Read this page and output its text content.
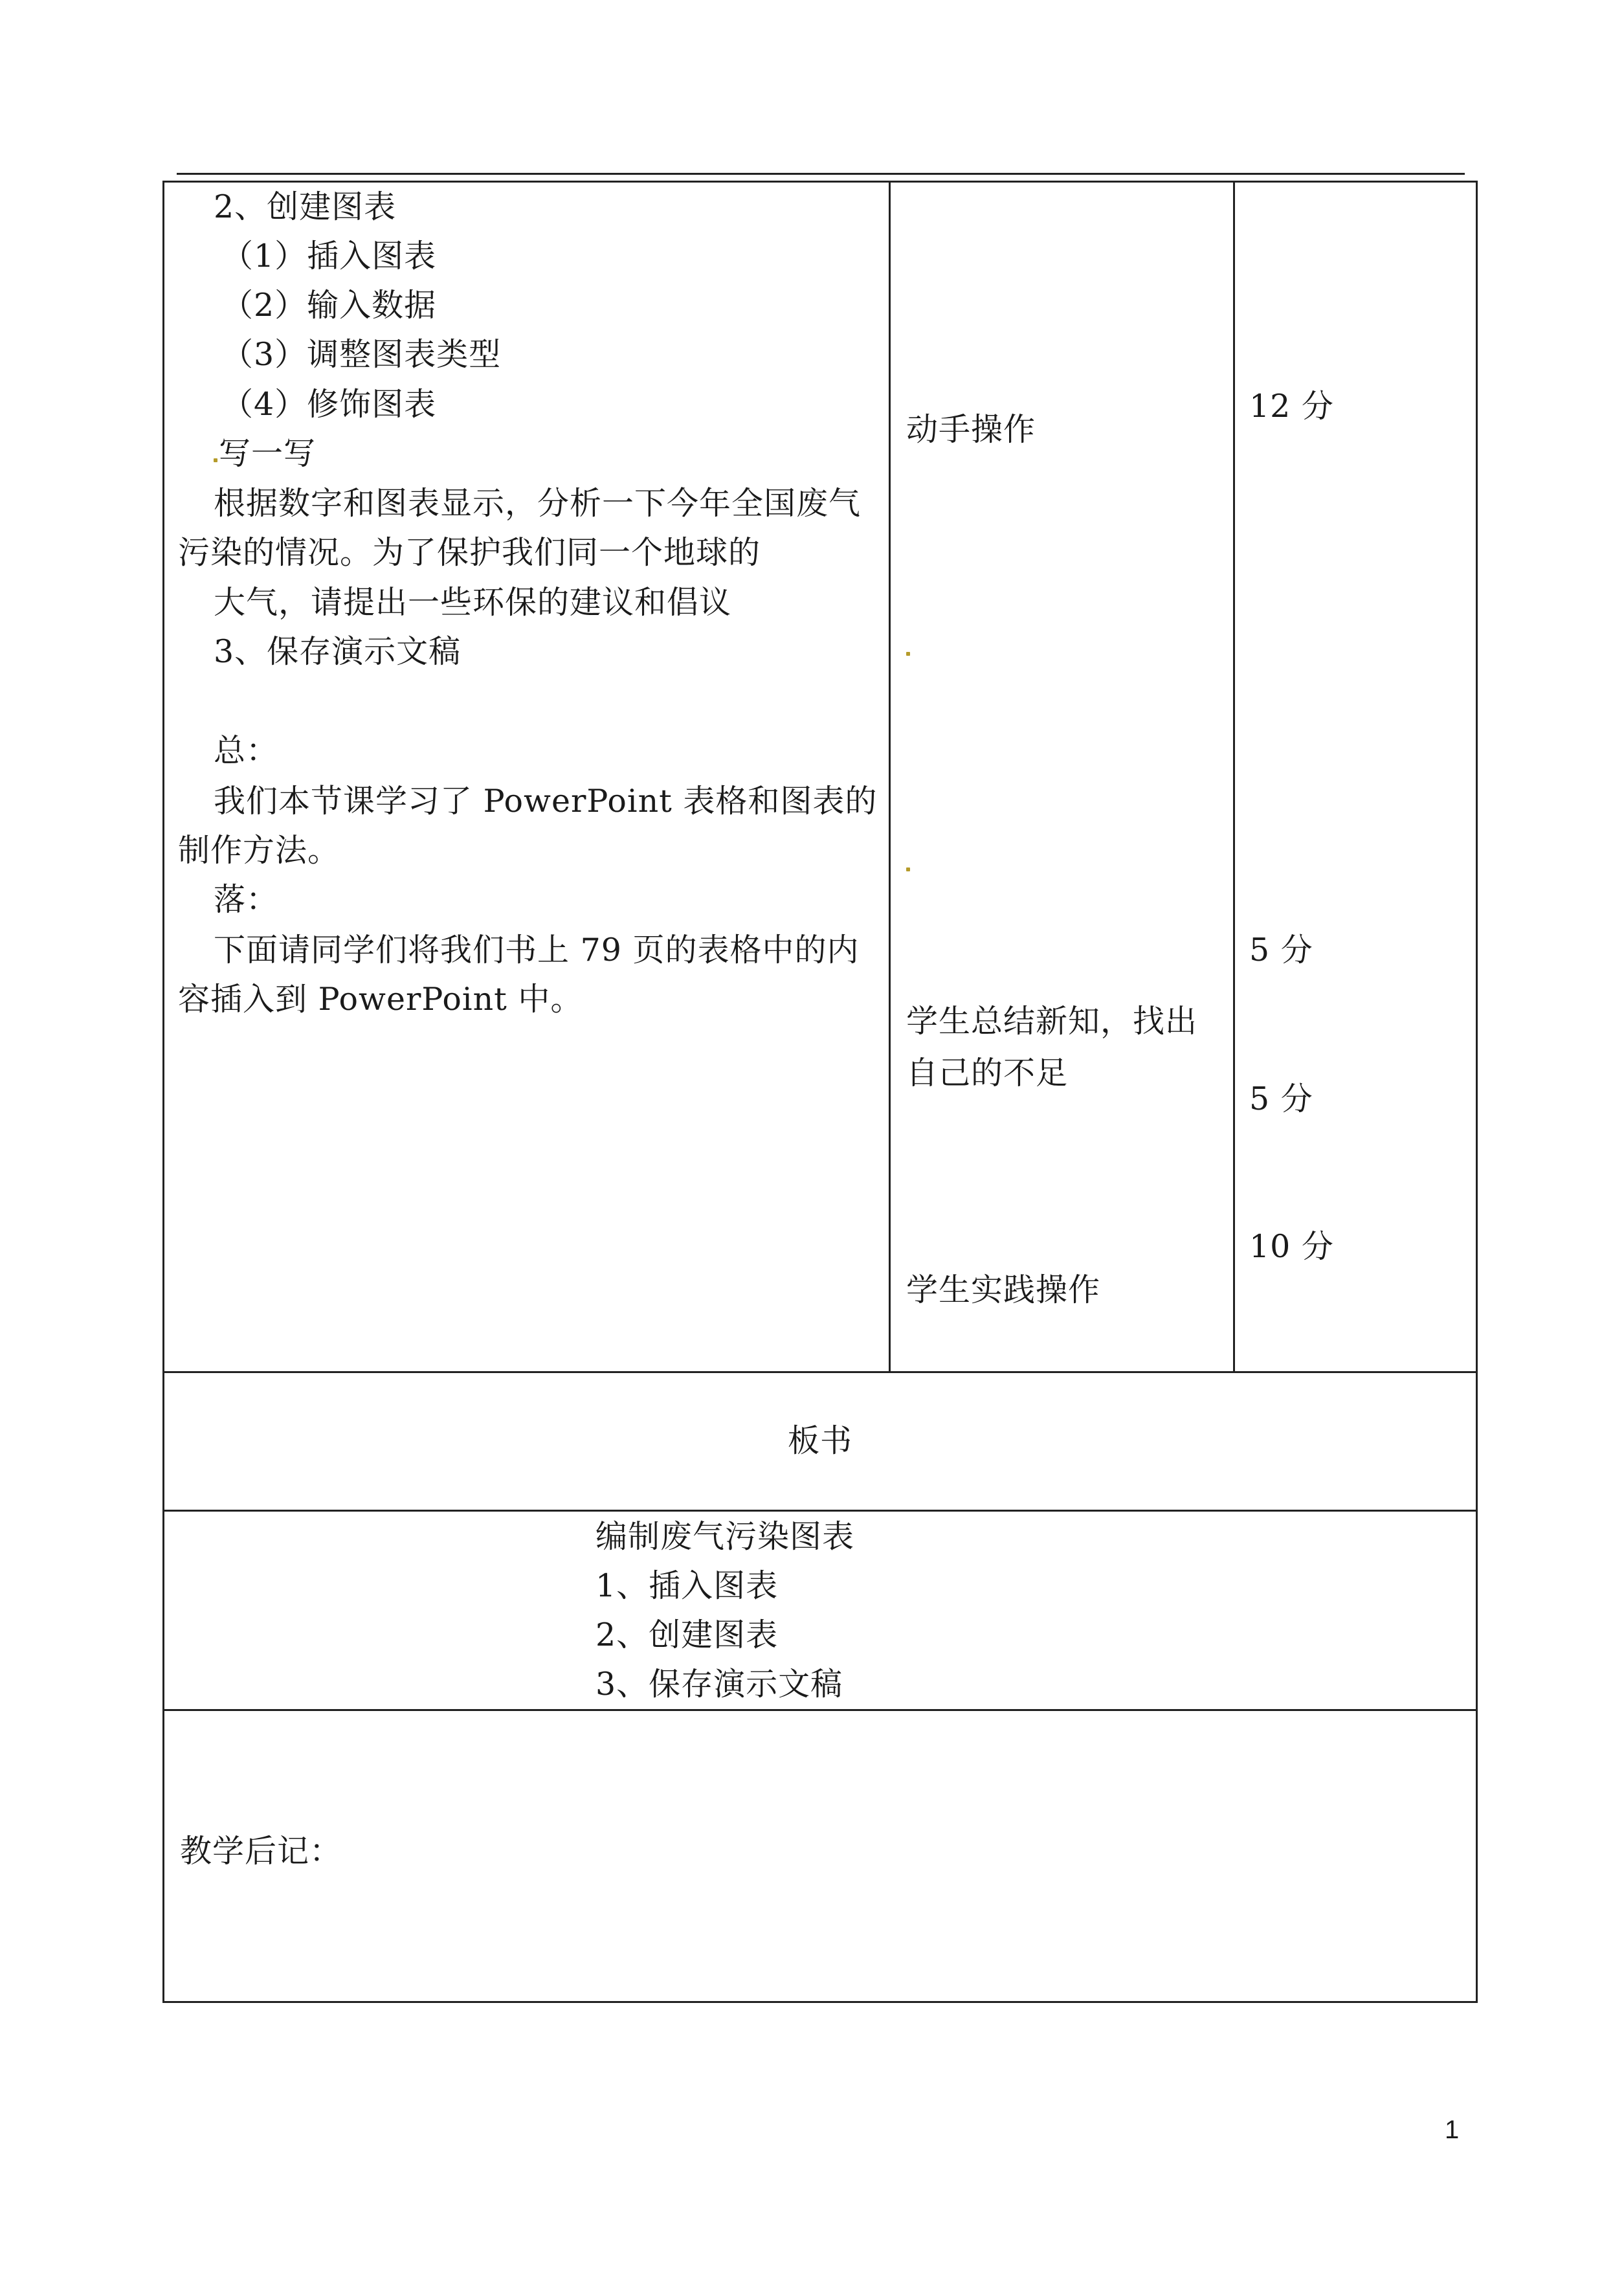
2、创建图表
（1）插入图表
（2）输入数据
（3）调整图表类型
（4）修饰图表
写一写
根据数字和图表显示，分析一下今年全国废气
污染的情况。为了保护我们同一个地球的
大气，请提出一些环保的建议和倡议
3、保存演示文稿
总：
我们本节课学习了 PowerPoint 表格和图表的
制作方法。
落：
下面请同学们将我们书上 79 页的表格中的内
容插入到 PowerPoint 中。
动手操作
学生总结新知，找出
自己的不足
学生实践操作
12 分
5 分
5 分
10 分
板书
编制废气污染图表
1、插入图表
2、创建图表
3、保存演示文稿
教学后记：
1
